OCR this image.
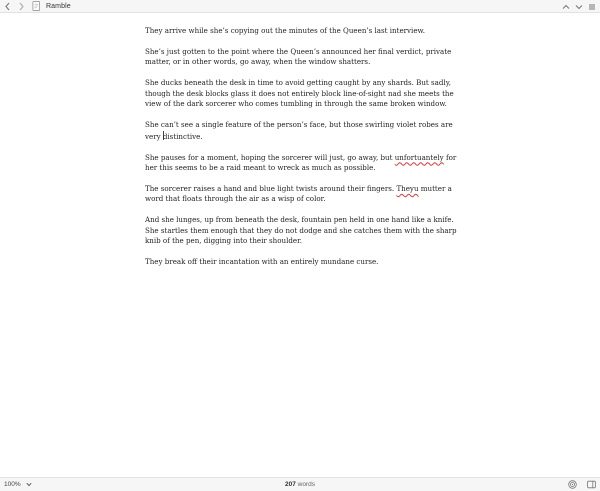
Ramble

They arrive while she’s copying out the minutes of the Queen’s last interview.

She’s just gotten to the point where the Queen’s announced her final verdict, private matter, or in other words, go away, when the window shatters.

She ducks beneath the desk in time to avoid getting caught by any shards. But sadly, though the desk blocks glass it does not entirely block line-of-sight nad she meets the view of the dark sorcerer who comes tumbling in through the same broken window.

She can’t see a single feature of the person’s face, but those swirling violet robes are very distinctive.

She pauses for a moment, hoping the sorcerer will just, go away, but unfortuantely for her this seems to be a raid meant to wreck as much as possible.

The sorcerer raises a hand and blue light twists around their fingers. Theyu mutter a word that floats through the air as a wisp of color.

And she lunges, up from beneath the desk, fountain pen held in one hand like a knife. She startles them enough that they do not dodge and she catches them with the sharp knib of the pen, digging into their shoulder.

They break off their incantation with an entirely mundane curse.

100%	207 words
